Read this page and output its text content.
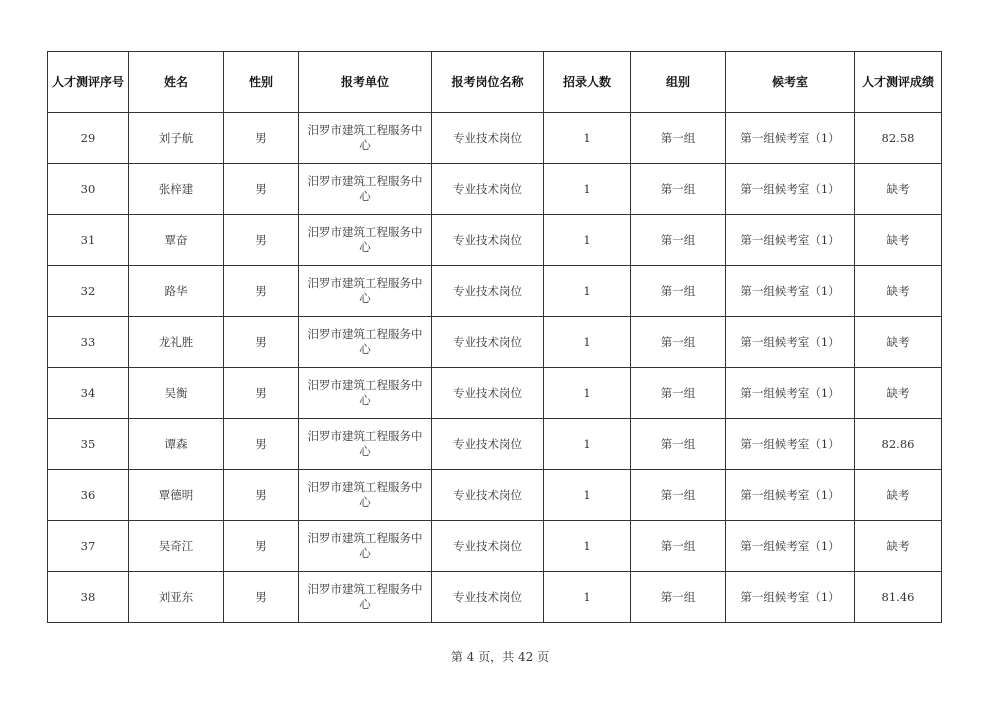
人才测评序号	姓名	性别	报考单位	报考岗位名称	招录人数	组别	候考室	人才测评成绩
29	刘子航	男	汨罗市建筑工程服务中心	专业技术岗位	1	第一组	第一组候考室（1）	82.58
30	张梓建	男	汨罗市建筑工程服务中心	专业技术岗位	1	第一组	第一组候考室（1）	缺考
31	覃奋	男	汨罗市建筑工程服务中心	专业技术岗位	1	第一组	第一组候考室（1）	缺考
32	路华	男	汨罗市建筑工程服务中心	专业技术岗位	1	第一组	第一组候考室（1）	缺考
33	龙礼胜	男	汨罗市建筑工程服务中心	专业技术岗位	1	第一组	第一组候考室（1）	缺考
34	吴衡	男	汨罗市建筑工程服务中心	专业技术岗位	1	第一组	第一组候考室（1）	缺考
35	谭森	男	汨罗市建筑工程服务中心	专业技术岗位	1	第一组	第一组候考室（1）	82.86
36	覃德明	男	汨罗市建筑工程服务中心	专业技术岗位	1	第一组	第一组候考室（1）	缺考
37	吴奇江	男	汨罗市建筑工程服务中心	专业技术岗位	1	第一组	第一组候考室（1）	缺考
38	刘亚东	男	汨罗市建筑工程服务中心	专业技术岗位	1	第一组	第一组候考室（1）	81.46
第 4 页，共 42 页
